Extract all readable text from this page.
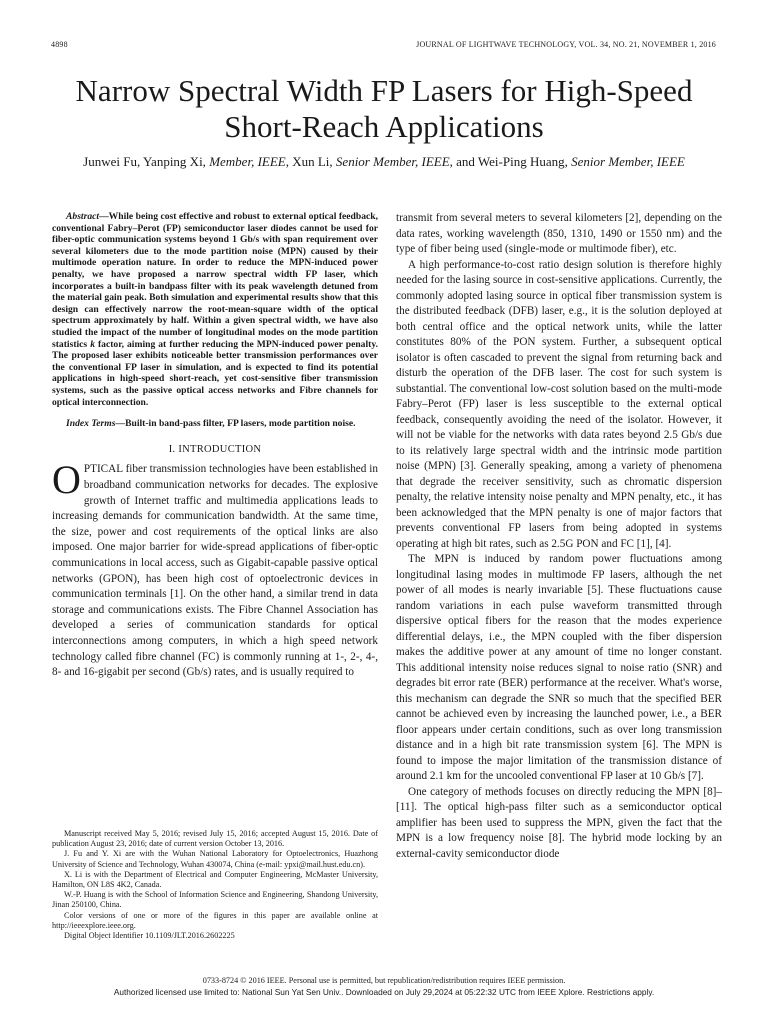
4898	JOURNAL OF LIGHTWAVE TECHNOLOGY, VOL. 34, NO. 21, NOVEMBER 1, 2016
Narrow Spectral Width FP Lasers for High-Speed Short-Reach Applications
Junwei Fu, Yanping Xi, Member, IEEE, Xun Li, Senior Member, IEEE, and Wei-Ping Huang, Senior Member, IEEE

Abstract—While being cost effective and robust to external optical feedback, conventional Fabry–Perot (FP) semiconductor laser diodes cannot be used for fiber-optic communication systems beyond 1 Gb/s with span requirement over several kilometers due to the mode partition noise (MPN) caused by their multimode operation nature. In order to reduce the MPN-induced power penalty, we have proposed a narrow spectral width FP laser, which incorporates a built-in bandpass filter with its peak wavelength detuned from the material gain peak. Both simulation and experimental results show that this design can effectively narrow the root-mean-square width of the optical spectrum approximately by half. Within a given spectral width, we have also studied the impact of the number of longitudinal modes on the mode partition statistics k factor, aiming at further reducing the MPN-induced power penalty. The proposed laser exhibits noticeable better transmission performances over the conventional FP laser in simulation, and is expected to find its potential applications in high-speed short-reach, yet cost-sensitive fiber transmission systems, such as the passive optical access networks and Fibre channels for optical interconnection.

Index Terms—Built-in band-pass filter, FP lasers, mode partition noise.

I. INTRODUCTION

OPTICAL fiber transmission technologies have been established in broadband communication networks for decades. The explosive growth of Internet traffic and multimedia applications leads to increasing demands for communication bandwidth. At the same time, the size, power and cost requirements of the optical links are also imposed. One major barrier for wide-spread applications of fiber-optic communications in local access, such as Gigabit-capable passive optical networks (GPON), has been high cost of optoelectronic devices in communication terminals [1]. On the other hand, a similar trend in data storage and communications exists. The Fibre Channel Association has developed a series of communication standards for optical interconnections among computers, in which a high speed network technology called fibre channel (FC) is commonly running at 1-, 2-, 4-, 8- and 16-gigabit per second (Gb/s) rates, and is usually required to

Manuscript received May 5, 2016; revised July 15, 2016; accepted August 15, 2016. Date of publication August 23, 2016; date of current version October 13, 2016.

J. Fu and Y. Xi are with the Wuhan National Laboratory for Optoelectronics, Huazhong University of Science and Technology, Wuhan 430074, China (e-mail: ypxi@mail.hust.edu.cn).

X. Li is with the Department of Electrical and Computer Engineering, McMaster University, Hamilton, ON L8S 4K2, Canada.

W.-P. Huang is with the School of Information Science and Engineering, Shandong University, Jinan 250100, China.

Color versions of one or more of the figures in this paper are available online at http://ieeexplore.ieee.org.

Digital Object Identifier 10.1109/JLT.2016.2602225

transmit from several meters to several kilometers [2], depending on the data rates, working wavelength (850, 1310, 1490 or 1550 nm) and the type of fiber being used (single-mode or multimode fiber), etc.

A high performance-to-cost ratio design solution is therefore highly needed for the lasing source in cost-sensitive applications. Currently, the commonly adopted lasing source in optical fiber transmission system is the distributed feedback (DFB) laser, e.g., it is the solution deployed at both central office and the optical network units, while the latter constitutes 80% of the PON system. Further, a subsequent optical isolator is often cascaded to prevent the signal from returning back and disturb the operation of the DFB laser. The cost for such system is substantial. The conventional low-cost solution based on the multi-mode Fabry–Perot (FP) laser is less susceptible to the external optical feedback, consequently avoiding the need of the isolator. However, it will not be viable for the networks with data rates beyond 2.5 Gb/s due to its relatively large spectral width and the intrinsic mode partition noise (MPN) [3]. Generally speaking, among a variety of phenomena that degrade the receiver sensitivity, such as chromatic dispersion penalty, the relative intensity noise penalty and MPN penalty, etc., it has been acknowledged that the MPN penalty is one of major factors that prevents conventional FP lasers from being adopted in systems operating at high bit rates, such as 2.5G PON and FC [1], [4].

The MPN is induced by random power fluctuations among longitudinal lasing modes in multimode FP lasers, although the net power of all modes is nearly invariable [5]. These fluctuations cause random variations in each pulse waveform transmitted through dispersive optical fibers for the reason that the modes experience differential delays, i.e., the MPN coupled with the fiber dispersion makes the additive power at any amount of time no longer constant. This additional intensity noise reduces signal to noise ratio (SNR) and degrades bit error rate (BER) performance at the receiver. What's worse, this mechanism can degrade the SNR so much that the specified BER cannot be achieved even by increasing the launched power, i.e., a BER floor appears under certain conditions, such as over long transmission distance and in a high bit rate transmission system [6]. The MPN is found to impose the major limitation of the transmission distance of around 2.1 km for the uncooled conventional FP laser at 10 Gb/s [7].

One category of methods focuses on directly reducing the MPN [8]–[11]. The optical high-pass filter such as a semiconductor optical amplifier has been used to suppress the MPN, given the fact that the MPN is a low frequency noise [8]. The hybrid mode locking by an external-cavity semiconductor diode

0733-8724 © 2016 IEEE. Personal use is permitted, but republication/redistribution requires IEEE permission.
Authorized licensed use limited to: National Sun Yat Sen Univ.. Downloaded on July 29,2024 at 05:22:32 UTC from IEEE Xplore. Restrictions apply.
